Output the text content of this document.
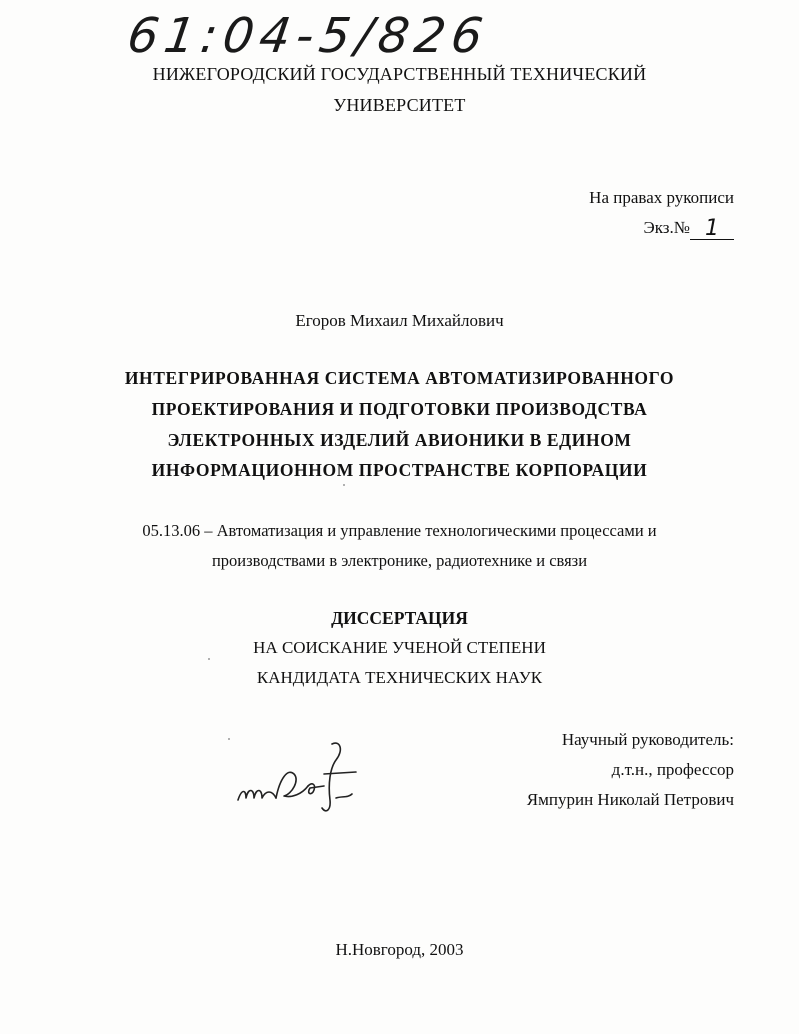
61:04-5/826
НИЖЕГОРОДСКИЙ ГОСУДАРСТВЕННЫЙ ТЕХНИЧЕСКИЙ
УНИВЕРСИТЕТ
На правах рукописи
Экз.№ 1
Егоров Михаил Михайлович
ИНТЕГРИРОВАННАЯ СИСТЕМА АВТОМАТИЗИРОВАННОГО
ПРОЕКТИРОВАНИЯ И ПОДГОТОВКИ ПРОИЗВОДСТВА
ЭЛЕКТРОННЫХ ИЗДЕЛИЙ АВИОНИКИ В ЕДИНОМ
ИНФОРМАЦИОННОМ ПРОСТРАНСТВЕ КОРПОРАЦИИ
05.13.06 – Автоматизация и управление технологическими процессами и
производствами в электронике, радиотехнике и связи
ДИССЕРТАЦИЯ
НА СОИСКАНИЕ УЧЕНОЙ СТЕПЕНИ
КАНДИДАТА ТЕХНИЧЕСКИХ НАУК
Научный руководитель:
д.т.н., профессор
Ямпурин Николай Петрович
Н.Новгород, 2003
